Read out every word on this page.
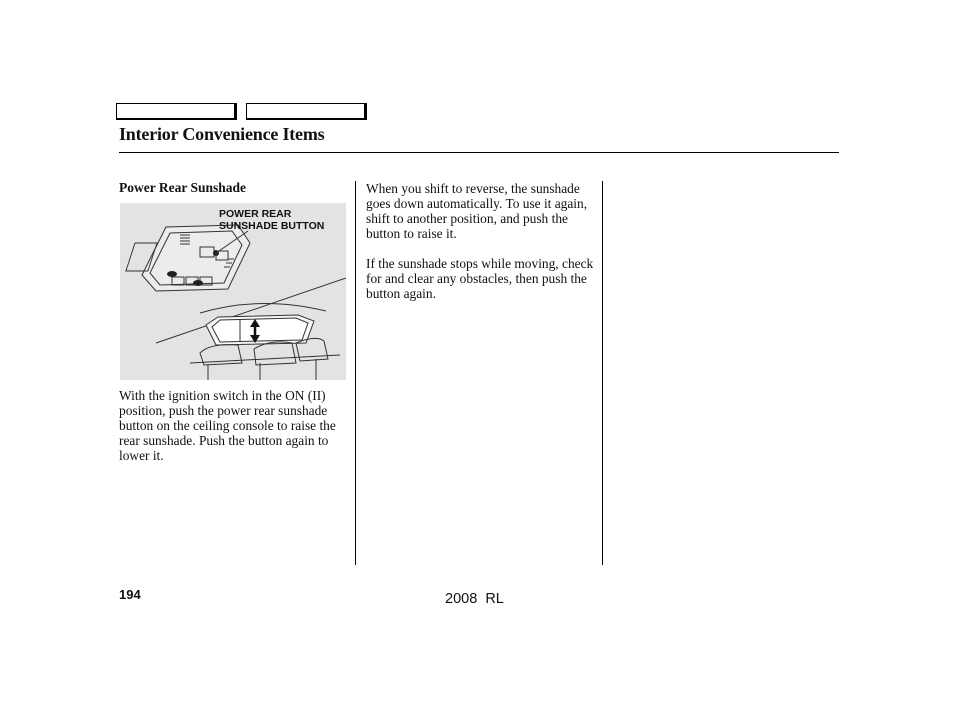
Interior Convenience Items
Power Rear Sunshade

POWER REAR
SUNSHADE BUTTON

With the ignition switch in the ON (II) position, push the power rear sunshade button on the ceiling console to raise the rear sunshade. Push the button again to lower it.

When you shift to reverse, the sunshade goes down automatically. To use it again, shift to another position, and push the button to raise it.

If the sunshade stops while moving, check for and clear any obstacles, then push the button again.

194	2008  RL
